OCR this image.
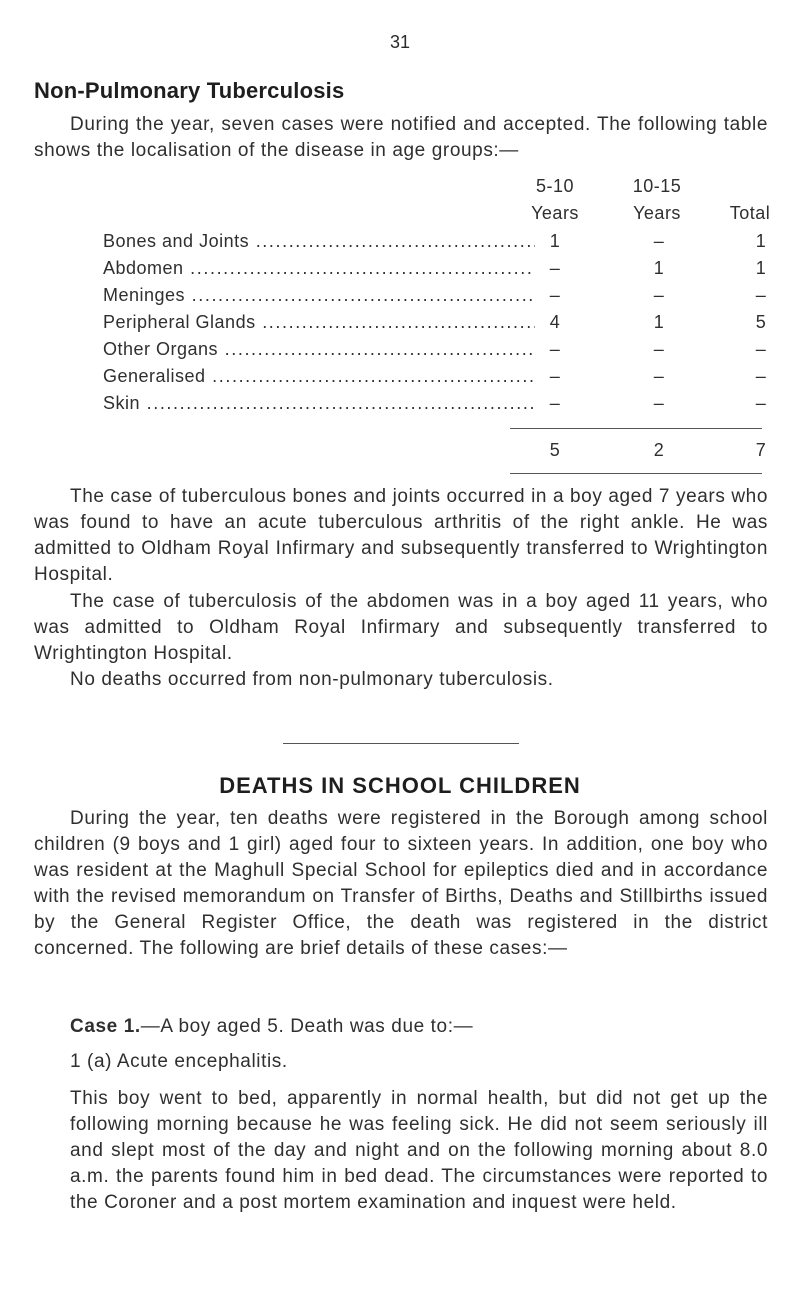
31
Non-Pulmonary Tuberculosis
During the year, seven cases were notified and accepted. The following table shows the localisation of the disease in age groups:—
5-10	10-15
Years	Years	Total
Bones and Joints .....	1	–	1
Abdomen .....	–	1	1
Meninges .....	–	–	–
Peripheral Glands .....	4	1	5
Other Organs .....	–	–	–
Generalised .....	–	–	–
Skin .....	–	–	–
5	2	7
The case of tuberculous bones and joints occurred in a boy aged 7 years who was found to have an acute tuberculous arthritis of the right ankle. He was admitted to Oldham Royal Infirmary and subsequently transferred to Wrightington Hospital.
The case of tuberculosis of the abdomen was in a boy aged 11 years, who was admitted to Oldham Royal Infirmary and subsequently transferred to Wrightington Hospital.
No deaths occurred from non-pulmonary tuberculosis.
DEATHS IN SCHOOL CHILDREN
During the year, ten deaths were registered in the Borough among school children (9 boys and 1 girl) aged four to sixteen years. In addition, one boy who was resident at the Maghull Special School for epileptics died and in accordance with the revised memorandum on Transfer of Births, Deaths and Stillbirths issued by the General Register Office, the death was registered in the district concerned. The following are brief details of these cases:—
Case 1.—A boy aged 5. Death was due to:—
1 (a) Acute encephalitis.
This boy went to bed, apparently in normal health, but did not get up the following morning because he was feeling sick. He did not seem seriously ill and slept most of the day and night and on the following morning about 8.0 a.m. the parents found him in bed dead. The circumstances were reported to the Coroner and a post mortem examination and inquest were held.
